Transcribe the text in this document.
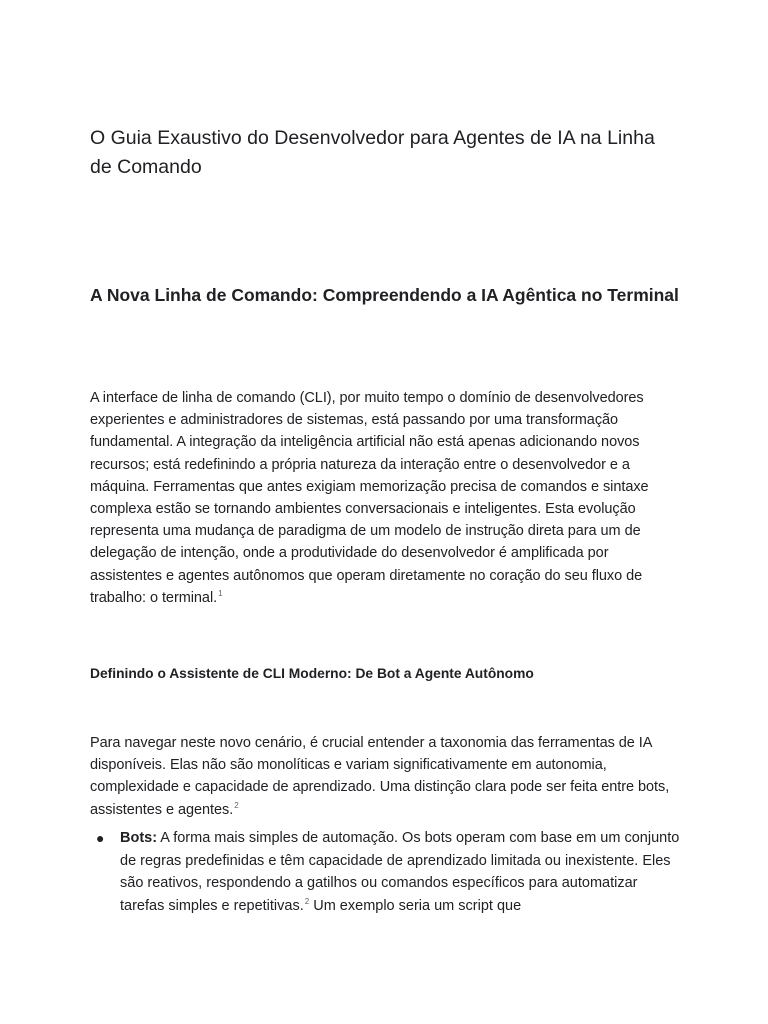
O Guia Exaustivo do Desenvolvedor para Agentes de IA na Linha de Comando
A Nova Linha de Comando: Compreendendo a IA Agêntica no Terminal

A interface de linha de comando (CLI), por muito tempo o domínio de desenvolvedores experientes e administradores de sistemas, está passando por uma transformação fundamental. A integração da inteligência artificial não está apenas adicionando novos recursos; está redefinindo a própria natureza da interação entre o desenvolvedor e a máquina. Ferramentas que antes exigiam memorização precisa de comandos e sintaxe complexa estão se tornando ambientes conversacionais e inteligentes. Esta evolução representa uma mudança de paradigma de um modelo de instrução direta para um de delegação de intenção, onde a produtividade do desenvolvedor é amplificada por assistentes e agentes autônomos que operam diretamente no coração do seu fluxo de trabalho: o terminal.$^1$

Definindo o Assistente de CLI Moderno: De Bot a Agente Autônomo

Para navegar neste novo cenário, é crucial entender a taxonomia das ferramentas de IA disponíveis. Elas não são monolíticas e variam significativamente em autonomia, complexidade e capacidade de aprendizado. Uma distinção clara pode ser feita entre bots, assistentes e agentes.$^2$

● Bots: A forma mais simples de automação. Os bots operam com base em um conjunto de regras predefinidas e têm capacidade de aprendizado limitada ou inexistente. Eles são reativos, respondendo a gatilhos ou comandos específicos para automatizar tarefas simples e repetitivas.$^2$ Um exemplo seria um script que
